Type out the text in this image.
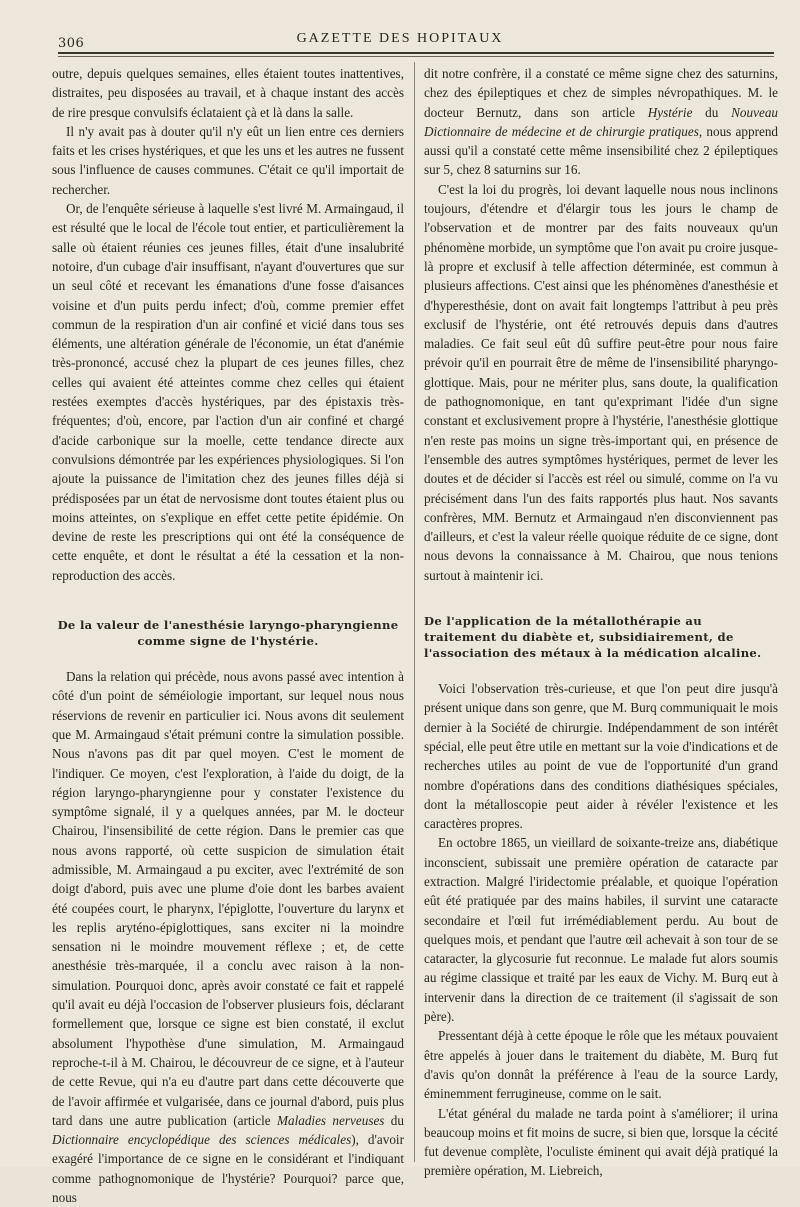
306	GAZETTE DES HOPITAUX

outre, depuis quelques semaines, elles étaient toutes inattentives, distraites, peu disposées au travail, et à chaque instant des accès de rire presque convulsifs éclataient çà et là dans la salle.

Il n'y avait pas à douter qu'il n'y eût un lien entre ces derniers faits et les crises hystériques, et que les uns et les autres ne fussent sous l'influence de causes communes. C'était ce qu'il importait de rechercher.

Or, de l'enquête sérieuse à laquelle s'est livré M. Armaingaud, il est résulté que le local de l'école tout entier, et particulièrement la salle où étaient réunies ces jeunes filles, était d'une insalubrité notoire, d'un cubage d'air insuffisant, n'ayant d'ouvertures que sur un seul côté et recevant les émanations d'une fosse d'aisances voisine et d'un puits perdu infect; d'où, comme premier effet commun de la respiration d'un air confiné et vicié dans tous ses éléments, une altération générale de l'économie, un état d'anémie très-prononcé, accusé chez la plupart de ces jeunes filles, chez celles qui avaient été atteintes comme chez celles qui étaient restées exemptes d'accès hystériques, par des épistaxis très-fréquentes; d'où, encore, par l'action d'un air confiné et chargé d'acide carbonique sur la moelle, cette tendance directe aux convulsions démontrée par les expériences physiologiques. Si l'on ajoute la puissance de l'imitation chez des jeunes filles déjà si prédisposées par un état de nervosisme dont toutes étaient plus ou moins atteintes, on s'explique en effet cette petite épidémie. On devine de reste les prescriptions qui ont été la conséquence de cette enquête, et dont le résultat a été la cessation et la non-reproduction des accès.

De la valeur de l'anesthésie laryngo-pharyngienne comme signe de l'hystérie.

Dans la relation qui précède, nous avons passé avec intention à côté d'un point de séméiologie important, sur lequel nous nous réservions de revenir en particulier ici. Nous avons dit seulement que M. Armaingaud s'était prémuni contre la simulation possible. Nous n'avons pas dit par quel moyen. C'est le moment de l'indiquer. Ce moyen, c'est l'exploration, à l'aide du doigt, de la région laryngo-pharyngienne pour y constater l'existence du symptôme signalé, il y a quelques années, par M. le docteur Chairou, l'insensibilité de cette région. Dans le premier cas que nous avons rapporté, où cette suspicion de simulation était admissible, M. Armaingaud a pu exciter, avec l'extrémité de son doigt d'abord, puis avec une plume d'oie dont les barbes avaient été coupées court, le pharynx, l'épiglotte, l'ouverture du larynx et les replis aryténo-épiglottiques, sans exciter ni la moindre sensation ni le moindre mouvement réflexe ; et, de cette anesthésie très-marquée, il a conclu avec raison à la non-simulation. Pourquoi donc, après avoir constaté ce fait et rappelé qu'il avait eu déjà l'occasion de l'observer plusieurs fois, déclarant formellement que, lorsque ce signe est bien constaté, il exclut absolument l'hypothèse d'une simulation, M. Armaingaud reproche-t-il à M. Chairou, le découvreur de ce signe, et à l'auteur de cette Revue, qui n'a eu d'autre part dans cette découverte que de l'avoir affirmée et vulgarisée, dans ce journal d'abord, puis plus tard dans une autre publication (article Maladies nerveuses du Dictionnaire encyclopédique des sciences médicales), d'avoir exagéré l'importance de ce signe en le considérant et l'indiquant comme pathognomonique de l'hystérie? Pourquoi? parce que, nous

dit notre confrère, il a constaté ce même signe chez des saturnins, chez des épileptiques et chez de simples névropathiques. M. le docteur Bernutz, dans son article Hystérie du Nouveau Dictionnaire de médecine et de chirurgie pratiques, nous apprend aussi qu'il a constaté cette même insensibilité chez 2 épileptiques sur 5, chez 8 saturnins sur 16.

C'est la loi du progrès, loi devant laquelle nous nous inclinons toujours, d'étendre et d'élargir tous les jours le champ de l'observation et de montrer par des faits nouveaux qu'un phénomène morbide, un symptôme que l'on avait pu croire jusque-là propre et exclusif à telle affection déterminée, est commun à plusieurs affections. C'est ainsi que les phénomènes d'anesthésie et d'hyperesthésie, dont on avait fait longtemps l'attribut à peu près exclusif de l'hystérie, ont été retrouvés depuis dans d'autres maladies. Ce fait seul eût dû suffire peut-être pour nous faire prévoir qu'il en pourrait être de même de l'insensibilité pharyngo-glottique. Mais, pour ne mériter plus, sans doute, la qualification de pathognomonique, en tant qu'exprimant l'idée d'un signe constant et exclusivement propre à l'hystérie, l'anesthésie glottique n'en reste pas moins un signe très-important qui, en présence de l'ensemble des autres symptômes hystériques, permet de lever les doutes et de décider si l'accès est réel ou simulé, comme on l'a vu précisément dans l'un des faits rapportés plus haut. Nos savants confrères, MM. Bernutz et Armaingaud n'en disconviennent pas d'ailleurs, et c'est la valeur réelle quoique réduite de ce signe, dont nous devons la connaissance à M. Chairou, que nous tenions surtout à maintenir ici.

De l'application de la métallothérapie au traitement du diabète et, subsidiairement, de l'association des métaux à la médication alcaline.

Voici l'observation très-curieuse, et que l'on peut dire jusqu'à présent unique dans son genre, que M. Burq communiquait le mois dernier à la Société de chirurgie. Indépendamment de son intérêt spécial, elle peut être utile en mettant sur la voie d'indications et de recherches utiles au point de vue de l'opportunité d'un grand nombre d'opérations dans des conditions diathésiques spéciales, dont la métalloscopie peut aider à révéler l'existence et les caractères propres.

En octobre 1865, un vieillard de soixante-treize ans, diabétique inconscient, subissait une première opération de cataracte par extraction. Malgré l'iridectomie préalable, et quoique l'opération eût été pratiquée par des mains habiles, il survint une cataracte secondaire et l'œil fut irrémédiablement perdu. Au bout de quelques mois, et pendant que l'autre œil achevait à son tour de se cataracter, la glycosurie fut reconnue. Le malade fut alors soumis au régime classique et traité par les eaux de Vichy. M. Burq eut à intervenir dans la direction de ce traitement (il s'agissait de son père).

Pressentant déjà à cette époque le rôle que les métaux pouvaient être appelés à jouer dans le traitement du diabète, M. Burq fut d'avis qu'on donnât la préférence à l'eau de la source Lardy, éminemment ferrugineuse, comme on le sait.

L'état général du malade ne tarda point à s'améliorer; il urina beaucoup moins et fit moins de sucre, si bien que, lorsque la cécité fut devenue complète, l'oculiste éminent qui avait déjà pratiqué la première opération, M. Liebreich,
